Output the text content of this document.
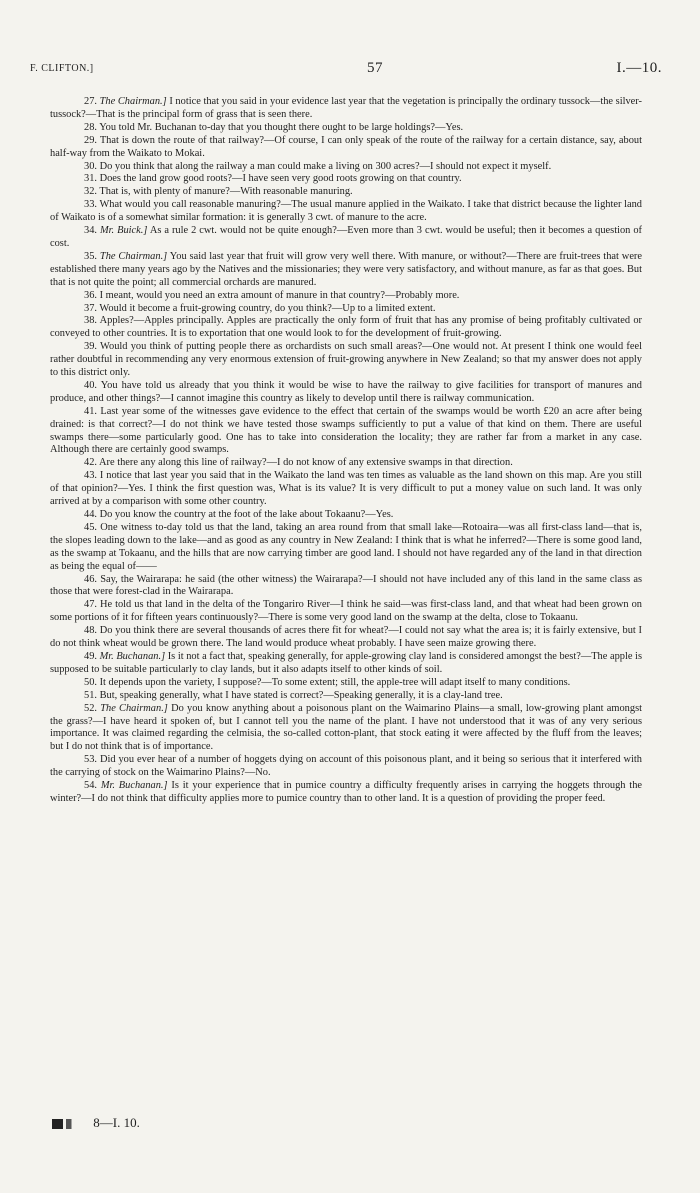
F. CLIFTON.]	57	I.—10.

27. The Chairman.] I notice that you said in your evidence last year that the vegetation is principally the ordinary tussock—the silver-tussock?—That is the principal form of grass that is seen there.

28. You told Mr. Buchanan to-day that you thought there ought to be large holdings?—Yes.

29. That is down the route of that railway?—Of course, I can only speak of the route of the railway for a certain distance, say, about half-way from the Waikato to Mokai.

30. Do you think that along the railway a man could make a living on 300 acres?—I should not expect it myself.

31. Does the land grow good roots?—I have seen very good roots growing on that country.

32. That is, with plenty of manure?—With reasonable manuring.

33. What would you call reasonable manuring?—The usual manure applied in the Waikato. I take that district because the lighter land of Waikato is of a somewhat similar formation: it is generally 3 cwt. of manure to the acre.

34. Mr. Buick.] As a rule 2 cwt. would not be quite enough?—Even more than 3 cwt. would be useful; then it becomes a question of cost.

35. The Chairman.] You said last year that fruit will grow very well there. With manure, or without?—There are fruit-trees that were established there many years ago by the Natives and the missionaries; they were very satisfactory, and without manure, as far as that goes. But that is not quite the point; all commercial orchards are manured.

36. I meant, would you need an extra amount of manure in that country?—Probably more.

37. Would it become a fruit-growing country, do you think?—Up to a limited extent.

38. Apples?—Apples principally. Apples are practically the only form of fruit that has any promise of being profitably cultivated or conveyed to other countries. It is to exportation that one would look to for the development of fruit-growing.

39. Would you think of putting people there as orchardists on such small areas?—One would not. At present I think one would feel rather doubtful in recommending any very enormous extension of fruit-growing anywhere in New Zealand; so that my answer does not apply to this district only.

40. You have told us already that you think it would be wise to have the railway to give facilities for transport of manures and produce, and other things?—I cannot imagine this country as likely to develop until there is railway communication.

41. Last year some of the witnesses gave evidence to the effect that certain of the swamps would be worth £20 an acre after being drained: is that correct?—I do not think we have tested those swamps sufficiently to put a value of that kind on them. There are useful swamps there—some particularly good. One has to take into consideration the locality; they are rather far from a market in any case. Although there are certainly good swamps.

42. Are there any along this line of railway?—I do not know of any extensive swamps in that direction.

43. I notice that last year you said that in the Waikato the land was ten times as valuable as the land shown on this map. Are you still of that opinion?—Yes. I think the first question was, What is its value? It is very difficult to put a money value on such land. It was only arrived at by a comparison with some other country.

44. Do you know the country at the foot of the lake about Tokaanu?—Yes.

45. One witness to-day told us that the land, taking an area round from that small lake—Rotoaira—was all first-class land—that is, the slopes leading down to the lake—and as good as any country in New Zealand: I think that is what he inferred?—There is some good land, as the swamp at Tokaanu, and the hills that are now carrying timber are good land. I should not have regarded any of the land in that direction as being the equal of——

46. Say, the Wairarapa: he said (the other witness) the Wairarapa?—I should not have included any of this land in the same class as those that were forest-clad in the Wairarapa.

47. He told us that land in the delta of the Tongariro River—I think he said—was first-class land, and that wheat had been grown on some portions of it for fifteen years continuously?—There is some very good land on the swamp at the delta, close to Tokaanu.

48. Do you think there are several thousands of acres there fit for wheat?—I could not say what the area is; it is fairly extensive, but I do not think wheat would be grown there. The land would produce wheat probably. I have seen maize growing there.

49. Mr. Buchanan.] Is it not a fact that, speaking generally, for apple-growing clay land is considered amongst the best?—The apple is supposed to be suitable particularly to clay lands, but it also adapts itself to other kinds of soil.

50. It depends upon the variety, I suppose?—To some extent; still, the apple-tree will adapt itself to many conditions.

51. But, speaking generally, what I have stated is correct?—Speaking generally, it is a clay-land tree.

52. The Chairman.] Do you know anything about a poisonous plant on the Waimarino Plains—a small, low-growing plant amongst the grass?—I have heard it spoken of, but I cannot tell you the name of the plant. I have not understood that it was of any very serious importance. It was claimed regarding the celmisia, the so-called cotton-plant, that stock eating it were affected by the fluff from the leaves; but I do not think that is of importance.

53. Did you ever hear of a number of hoggets dying on account of this poisonous plant, and it being so serious that it interfered with the carrying of stock on the Waimarino Plains?—No.

54. Mr. Buchanan.] Is it your experience that in pumice country a difficulty frequently arises in carrying the hoggets through the winter?—I do not think that difficulty applies more to pumice country than to other land. It is a question of providing the proper feed.

8—I. 10.
